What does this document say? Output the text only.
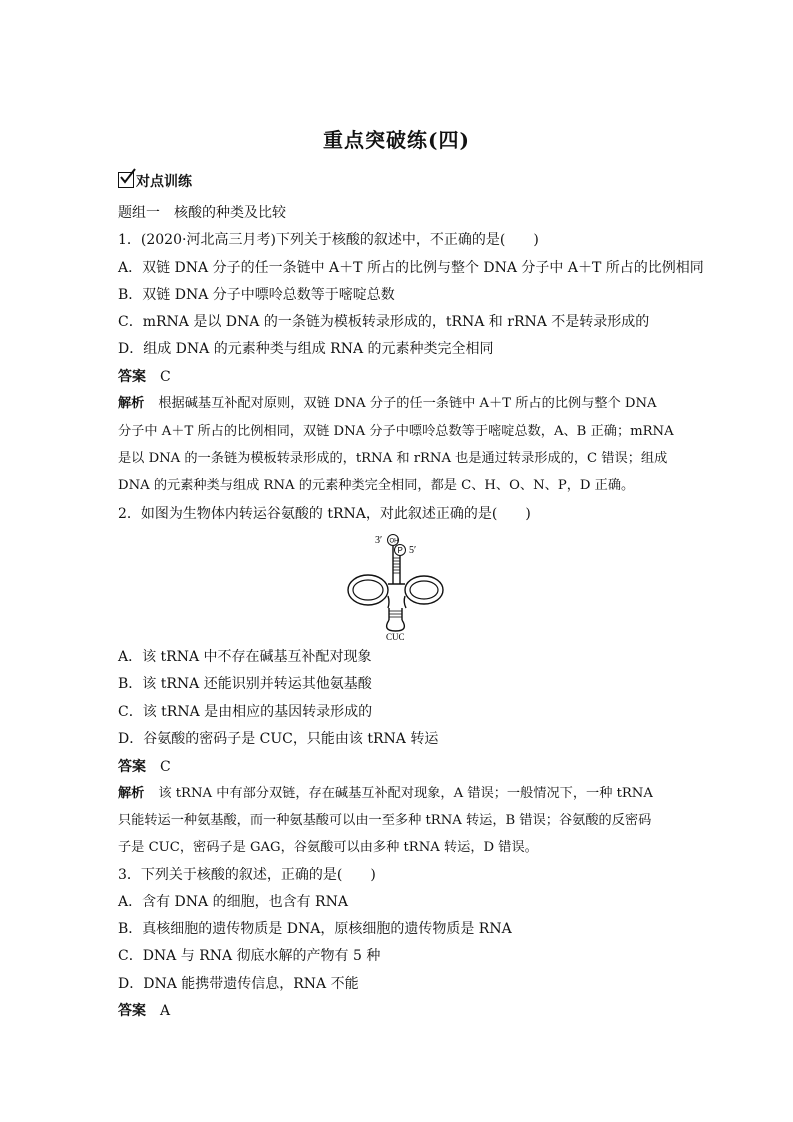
重点突破练(四)
对点训练
题组一　核酸的种类及比较
1．(2020·河北高三月考)下列关于核酸的叙述中，不正确的是(　　)
A．双链 DNA 分子的任一条链中 A＋T 所占的比例与整个 DNA 分子中 A＋T 所占的比例相同
B．双链 DNA 分子中嘌呤总数等于嘧啶总数
C．mRNA 是以 DNA 的一条链为模板转录形成的，tRNA 和 rRNA 不是转录形成的
D．组成 DNA 的元素种类与组成 RNA 的元素种类完全相同
答案 C
解析 根据碱基互补配对原则，双链 DNA 分子的任一条链中 A＋T 所占的比例与整个 DNA
分子中 A＋T 所占的比例相同，双链 DNA 分子中嘌呤总数等于嘧啶总数，A、B 正确；mRNA
是以 DNA 的一条链为模板转录形成的，tRNA 和 rRNA 也是通过转录形成的，C 错误；组成
DNA 的元素种类与组成 RNA 的元素种类完全相同，都是 C、H、O、N、P，D 正确。
2．如图为生物体内转运谷氨酸的 tRNA，对此叙述正确的是(　　)
3′ OH
P 5′
CUC
A．该 tRNA 中不存在碱基互补配对现象
B．该 tRNA 还能识别并转运其他氨基酸
C．该 tRNA 是由相应的基因转录形成的
D．谷氨酸的密码子是 CUC，只能由该 tRNA 转运
答案 C
解析 该 tRNA 中有部分双链，存在碱基互补配对现象，A 错误；一般情况下，一种 tRNA
只能转运一种氨基酸，而一种氨基酸可以由一至多种 tRNA 转运，B 错误；谷氨酸的反密码
子是 CUC，密码子是 GAG，谷氨酸可以由多种 tRNA 转运，D 错误。
3．下列关于核酸的叙述，正确的是(　　)
A．含有 DNA 的细胞，也含有 RNA
B．真核细胞的遗传物质是 DNA，原核细胞的遗传物质是 RNA
C．DNA 与 RNA 彻底水解的产物有 5 种
D．DNA 能携带遗传信息，RNA 不能
答案 A
